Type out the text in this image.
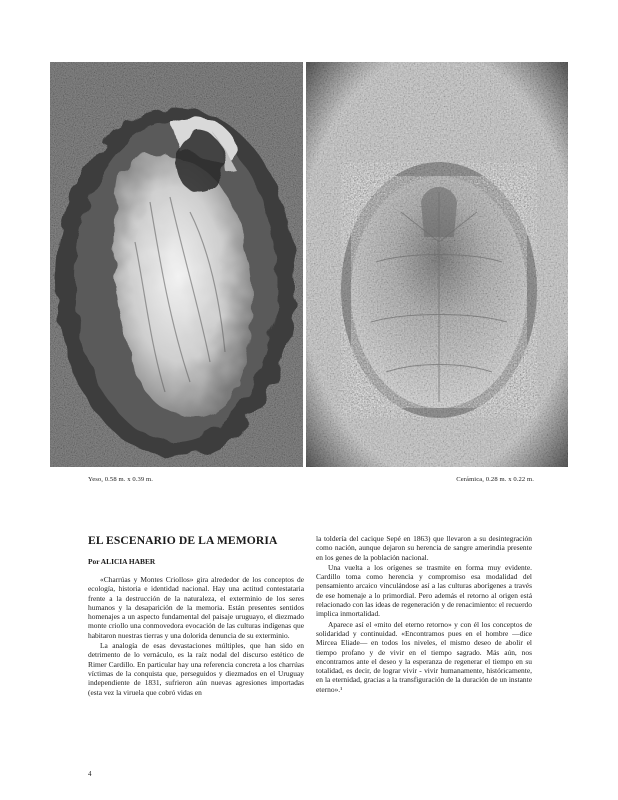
Yeso, 0.58 m. x 0.39 m.	Cerámica, 0.28 m. x 0.22 m.
EL ESCENARIO DE LA MEMORIA
Por ALICIA HABER

«Charrúas y Montes Criollos» gira alrededor de los conceptos de ecología, historia e identidad nacional. Hay una actitud contestataria frente a la destrucción de la naturaleza, el exterminio de los seres humanos y la desaparición de la memoria. Están presentes sentidos homenajes a un aspecto fundamental del paisaje uruguayo, el diezmado monte criollo una conmovedora evocación de las culturas indígenas que habitaron nuestras tierras y una dolorida denuncia de su exterminio.

La analogía de esas devastaciones múltiples, que han sido en detrimento de lo vernáculo, es la raíz nodal del discurso estético de Rimer Cardillo. En particular hay una referencia concreta a los charrúas víctimas de la conquista que, perseguidos y diezmados en el Uruguay independiente de 1831, sufrieron aún nuevas agresiones importadas (esta vez la viruela que cobró vidas en

la toldería del cacique Sepé en 1863) que llevaron a su desintegración como nación, aunque dejaron su herencia de sangre amerindia presente en los genes de la población nacional.

Una vuelta a los orígenes se trasmite en forma muy evidente. Cardillo toma como herencia y compromiso esa modalidad del pensamiento arcaico vinculándose así a las culturas aborígenes a través de ese homenaje a lo primordial. Pero además el retorno al origen está relacionado con las ideas de regeneración y de renacimiento: el recuerdo implica inmortalidad.

Aparece así el «mito del eterno retorno» y con él los conceptos de solidaridad y continuidad. «Encontramos pues en el hombre —dice Mircea Eliade— en todos los niveles, el mismo deseo de abolir el tiempo profano y de vivir en el tiempo sagrado. Más aún, nos encontramos ante el deseo y la esperanza de regenerar el tiempo en su totalidad, es decir, de lograr vivir - vivir humanamente, históricamente, en la eternidad, gracias a la transfiguración de la duración de un instante eterno».¹

4
